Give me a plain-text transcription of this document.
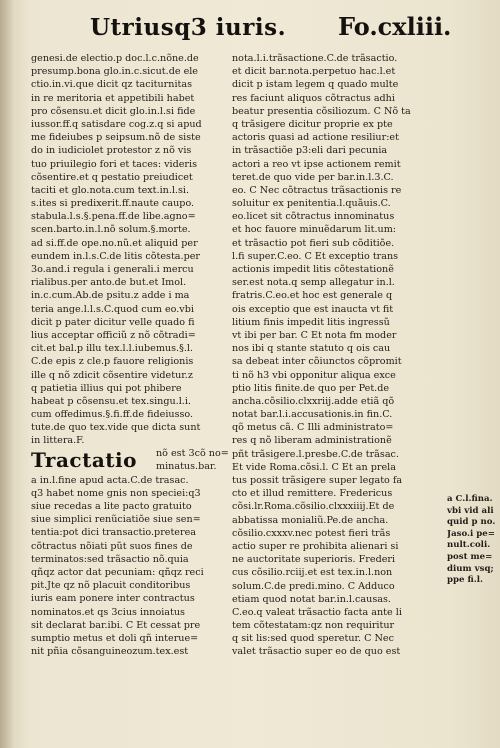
Utriusq3 iuris. Fo.cxliii.
genesi.de electio.p doc.l.c.nõne.de
presump.bona glo.in.c.sicut.de ele
ctio.in.vi.que dicit qz taciturnitas
in re meritoria et appetibili habet
pro cõsensu.et dicit glo.in.l.si fide
iussor.ff.q satisdare cog.z.q si apud
me fideiubes p seipsum.nõ de siste
do in iudiciolet protestor z nõ vis
tuo priuilegio fori et taces: videris
cõsentire.et q pestatio preiudicet
taciti et glo.nota.cum text.in.l.si.
s.ites si predixerit.ff.naute caupo.
stabula.l.s.§.pena.ff.de libe.agno=
scen.barto.in.l.nõ solum.§.morte.
ad si.ff.de ope.no.nũ.et aliquid per
eundem in.l.s.C.de litis cõtesta.per
3o.and.i regula i generali.i mercu
rialibus.per anto.de but.et Imol.
in.c.cum.Ab.de psitu.z adde i ma
teria ange.l.l.s.C.quod cum eo.vbi
dicit p pater dicitur velle quado fi
lius acceptar officiũ z nõ cõtradi=
cit.et bal.p illu tex.l.l.iubemus.§.l.
C.de epis z cle.p fauore religionis
ille q nõ zdicit cõsentire videtur.z
q patietia illius qui pot phibere
habeat p cõsensu.et tex.singu.l.i.
cum offedimus.§.fi.ff.de fideiusso.
tute.de quo tex.vide que dicta sunt
in littera.F.
Tractatio nõ est 3cõ no=
minatus.bar.
a in.l.fine apud acta.C.de trasac.
q3 habet nome gnis non speciei:q3
siue recedas a lite pacto gratuito
siue simplici renũciatiõe siue sen=
tentia:pot dici transactio.preterea
cõtractus nõiati pũt suos fines de
terminatos:sed trãsactio nõ.quia
qñqz actor dat pecuniam: qñqz reci
pit.Jte qz nõ placuit conditoribus
iuris eam ponere inter contractus
nominatos.et qs 3cius innoiatus
sit declarat bar.ibi. C Et cessat pre
sumptio metus et doli qñ interue=
nit pñia cõsanguineozum.tex.est
nota.l.i.trãsactione.C.de trãsactio.
et dicit bar.nota.perpetuo hac.l.et
dicit p istam legem q quado multe
res faciunt aliquos cõtractus adhi
beatur presentia cõsiliozum. C Nõ ta
q trãsigere dicitur proprie ex pte
actoris quasi ad actione resiliur:et
in trãsactiõe p3:eli dari pecunia
actori a reo vt ipse actionem remit
teret.de quo vide per bar.in.l.3.C.
eo. C Nec cõtractus trãsactionis re
soluitur ex penitentia.l.quãuis.C.
eo.licet sit cõtractus innominatus
et hoc fauore minuẽdarum lit.um:
et trãsactio pot fieri sub cõditiõe.
l.fi super.C.eo. C Et exceptio trans
actionis impedit litis cõtestationẽ
ser.est nota.q semp allegatur in.l.
fratris.C.eo.et hoc est generale q
ois exceptio que est inaucta vt fit
litium finis impedit litis ingressũ
vt ibi per bar. C Et nota fm moder
nos ibi q stante statuto q ois cau
sa debeat inter cõiunctos cõpromit
ti nõ h3 vbi opponitur aliqua exce
ptio litis finite.de quo per Pet.de
ancha.cõsilio.clxxriij.adde etiã qõ
notat bar.l.i.accusationis.in fin.C.
qõ metus cã. C Illi administrato=
res q nõ liberam administrationẽ
pñt trãsigere.l.presbe.C.de trãsac.
Et vide Roma.cõsi.l. C Et an prela
tus possit trãsigere super legato fa
cto et illud remittere. Fredericus
cõsi.lr.Roma.cõsilio.clxxxiiij.Et de
abbatissa monialiũ.Pe.de ancha.
cõsilio.cxxxv.nec potest fieri trãs
actio super re prohibita alienari si
ne auctoritate superioris. Frederi
cus cõsilio.rciij.et est tex.in.l.non
solum.C.de predi.mino. C Adduco
etiam quod notat bar.in.l.causas.
C.eo.q valeat trãsactio facta ante li
tem cõtestatam:qz non requiritur
q sit lis:sed quod speretur. C Nec
valet trãsactio super eo de quo est
a C.l.fina.
vbi vid ali
quid p no.
Jaso.i pe=
nult.coli.
post me=
dium vsq;
ppe fi.l.
